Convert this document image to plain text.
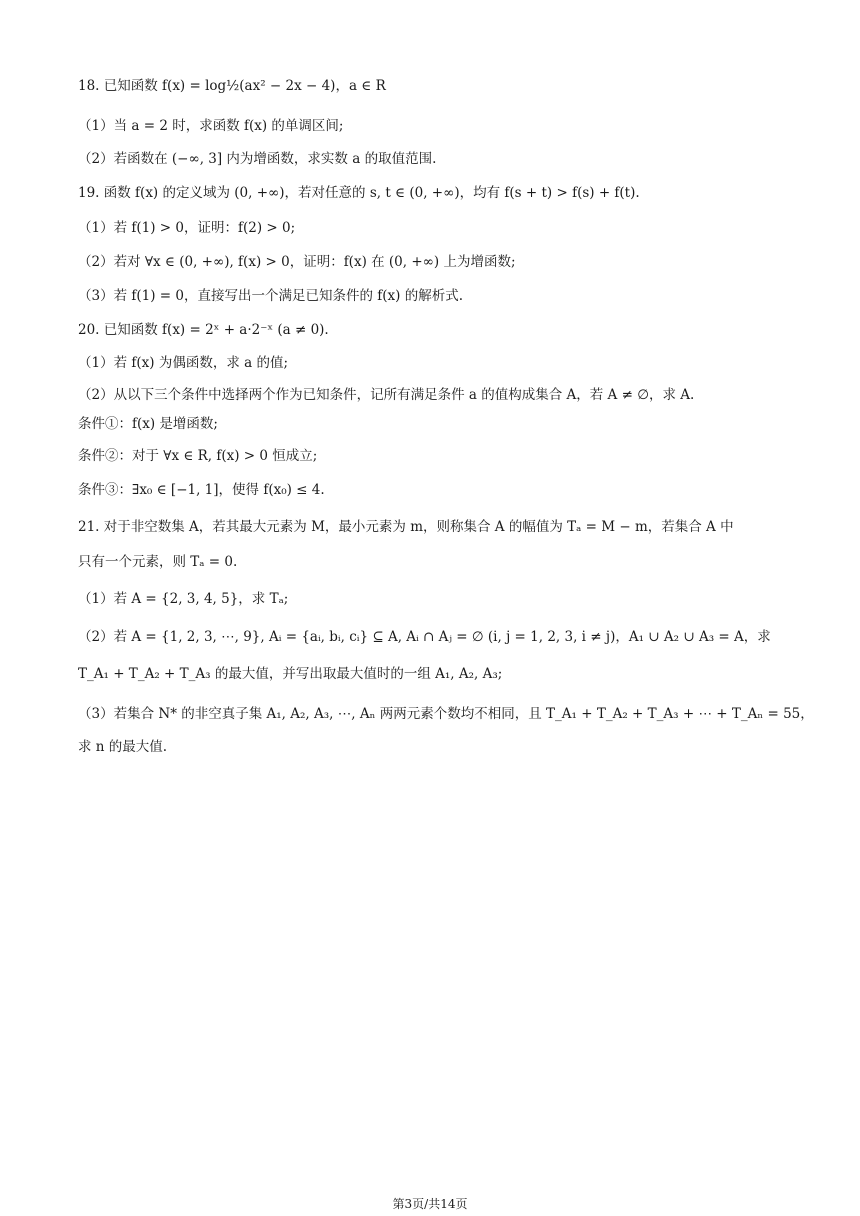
18. 已知函数 f(x) = log½(ax² − 2x − 4)，a ∈ R
（1）当 a = 2 时，求函数 f(x) 的单调区间;
（2）若函数在 (−∞, 3] 内为增函数，求实数 a 的取值范围.
19. 函数 f(x) 的定义域为 (0, +∞)，若对任意的 s, t ∈ (0, +∞)，均有 f(s + t) > f(s) + f(t).
（1）若 f(1) > 0，证明：f(2) > 0;
（2）若对 ∀x ∈ (0, +∞), f(x) > 0，证明：f(x) 在 (0, +∞) 上为增函数;
（3）若 f(1) = 0，直接写出一个满足已知条件的 f(x) 的解析式.
20. 已知函数 f(x) = 2ˣ + a·2⁻ˣ (a ≠ 0).
（1）若 f(x) 为偶函数，求 a 的值;
（2）从以下三个条件中选择两个作为已知条件，记所有满足条件 a 的值构成集合 A，若 A ≠ ∅，求 A.
条件①：f(x) 是增函数;
条件②：对于 ∀x ∈ R, f(x) > 0 恒成立;
条件③：∃x₀ ∈ [−1, 1]，使得 f(x₀) ≤ 4.
21. 对于非空数集 A，若其最大元素为 M，最小元素为 m，则称集合 A 的幅值为 Tₐ = M − m，若集合 A 中
只有一个元素，则 Tₐ = 0.
（1）若 A = {2, 3, 4, 5}，求 Tₐ;
（2）若 A = {1, 2, 3, ⋯, 9}, Aᵢ = {aᵢ, bᵢ, cᵢ} ⊆ A, Aᵢ ∩ Aⱼ = ∅ (i, j = 1, 2, 3, i ≠ j)，A₁ ∪ A₂ ∪ A₃ = A，求
T_A₁ + T_A₂ + T_A₃ 的最大值，并写出取最大值时的一组 A₁, A₂, A₃;
（3）若集合 N* 的非空真子集 A₁, A₂, A₃, ⋯, Aₙ 两两元素个数均不相同，且 T_A₁ + T_A₂ + T_A₃ + ⋯ + T_Aₙ = 55，
求 n 的最大值.
第3页/共14页
